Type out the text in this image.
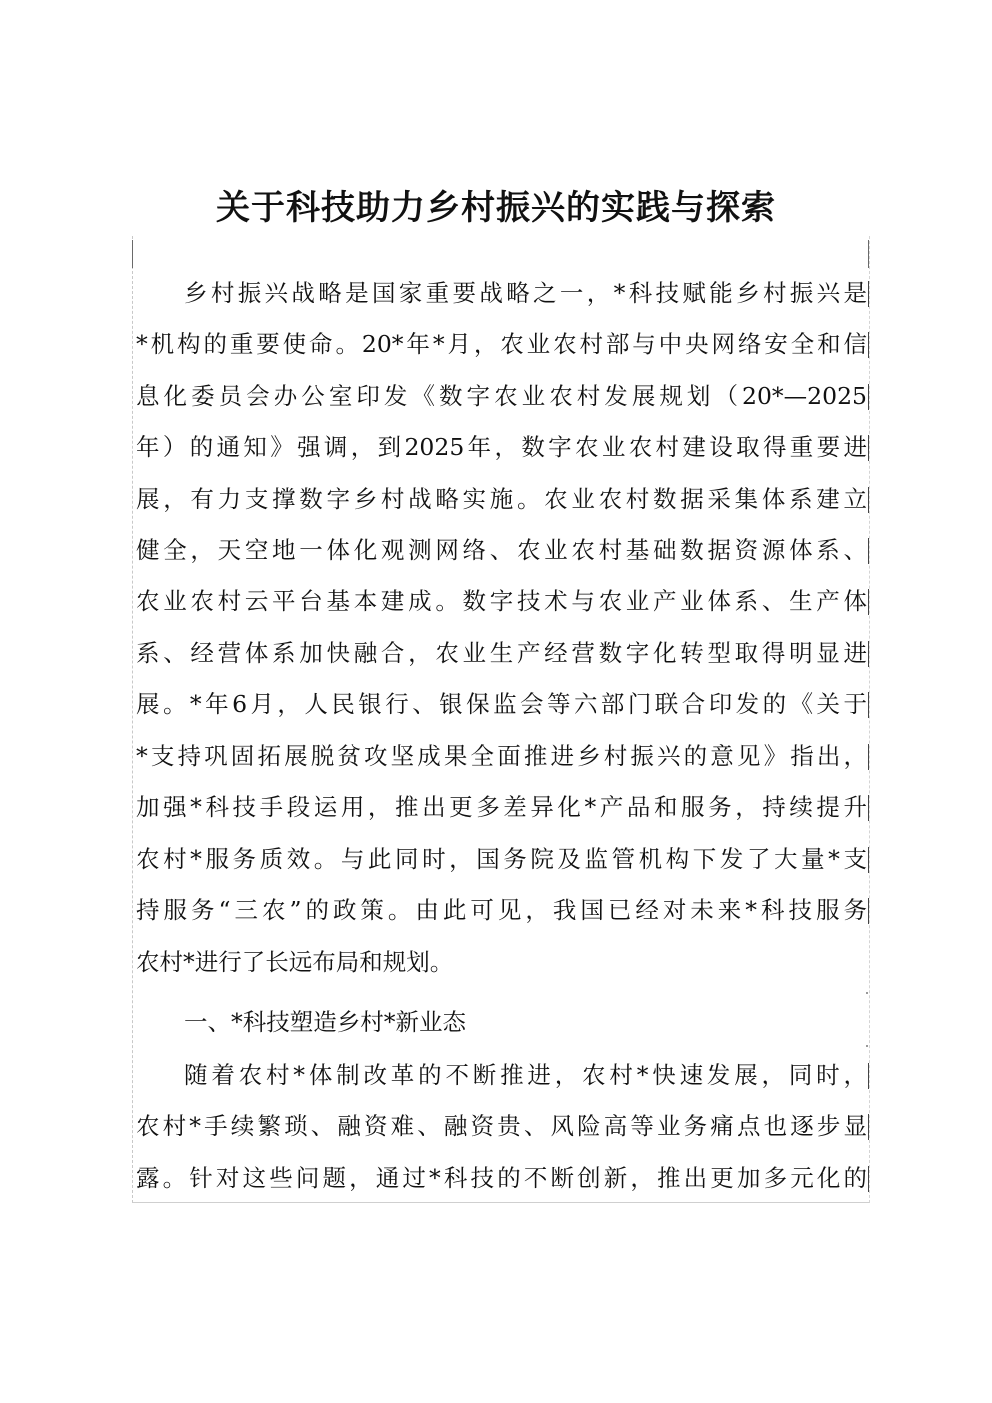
关于科技助力乡村振兴的实践与探索
乡村振兴战略是国家重要战略之一，*科技赋能乡村振兴是
*机构的重要使命。20*年*月，农业农村部与中央网络安全和信
息化委员会办公室印发《数字农业农村发展规划（20*—2025
年）的通知》强调，到2025年，数字农业农村建设取得重要进
展，有力支撑数字乡村战略实施。农业农村数据采集体系建立
健全，天空地一体化观测网络、农业农村基础数据资源体系、
农业农村云平台基本建成。数字技术与农业产业体系、生产体
系、经营体系加快融合，农业生产经营数字化转型取得明显进
展。*年6月，人民银行、银保监会等六部门联合印发的《关于
*支持巩固拓展脱贫攻坚成果全面推进乡村振兴的意见》指出，
加强*科技手段运用，推出更多差异化*产品和服务，持续提升
农村*服务质效。与此同时，国务院及监管机构下发了大量*支
持服务“三农”的政策。由此可见，我国已经对未来*科技服务
农村*进行了长远布局和规划。
一、*科技塑造乡村*新业态
随着农村*体制改革的不断推进，农村*快速发展，同时，
农村*手续繁琐、融资难、融资贵、风险高等业务痛点也逐步显
露。针对这些问题，通过*科技的不断创新，推出更加多元化的
